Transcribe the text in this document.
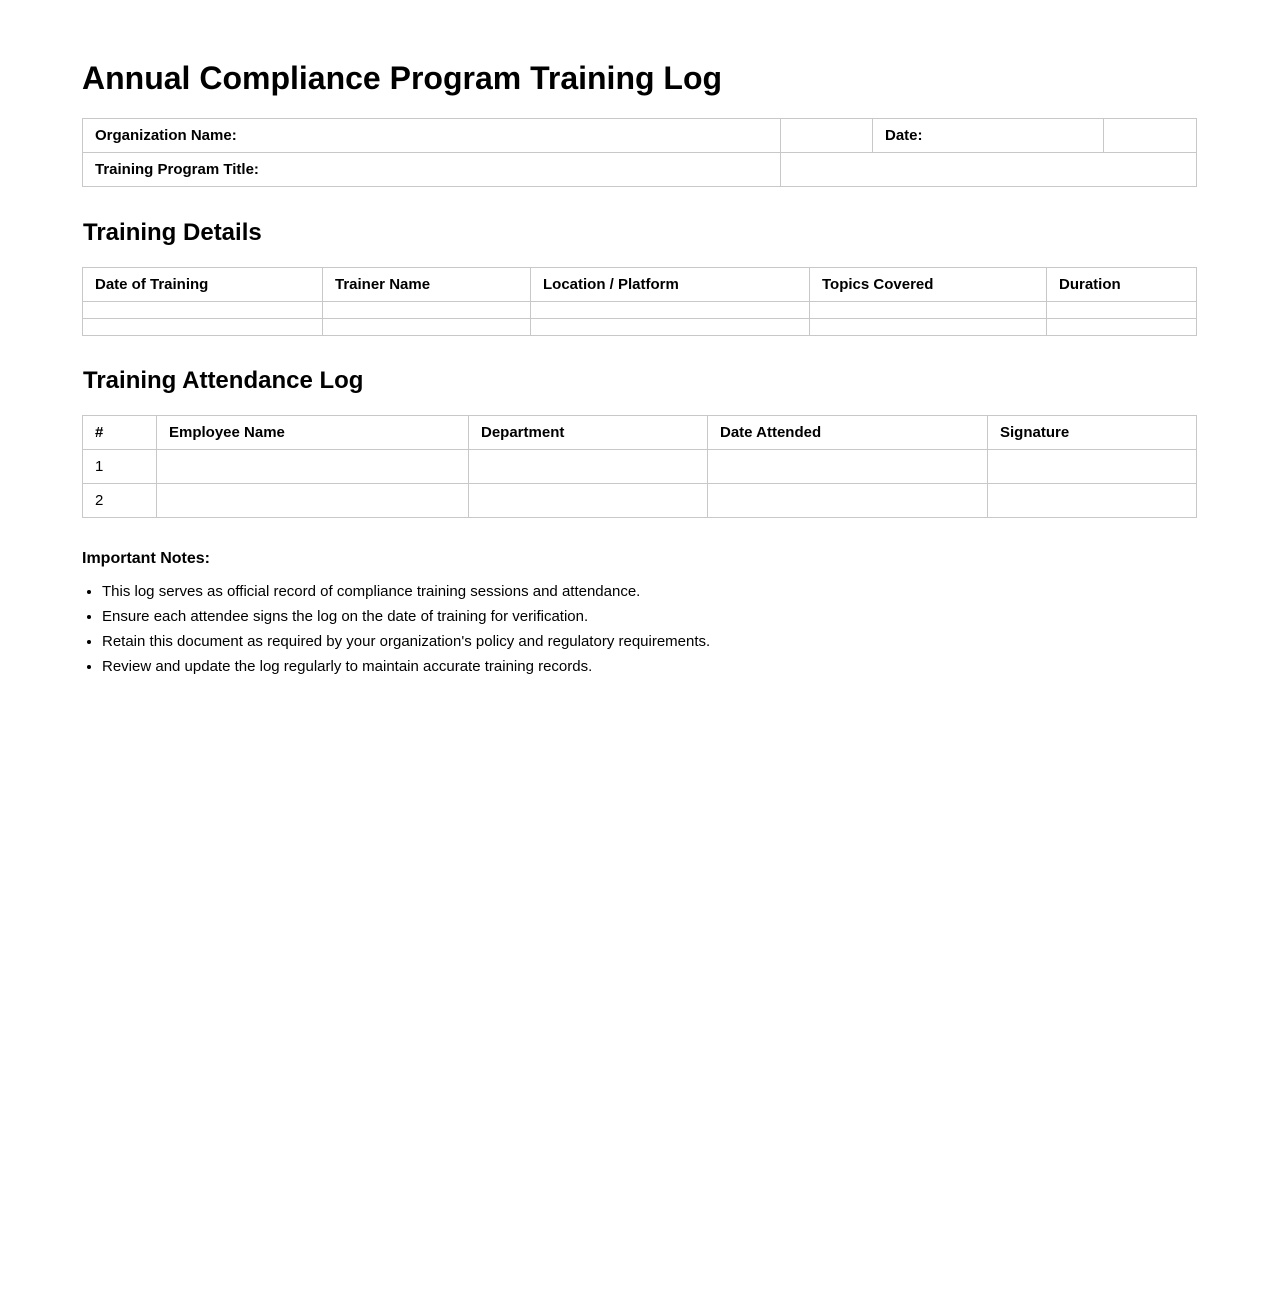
Annual Compliance Program Training Log
Organization Name:		Date:	
Training Program Title:			
Training Details
Date of Training	Trainer Name	Location / Platform	Topics Covered	Duration

Training Attendance Log
#	Employee Name	Department	Date Attended	Signature
1				
2				
Important Notes:
• This log serves as official record of compliance training sessions and attendance.
• Ensure each attendee signs the log on the date of training for verification.
• Retain this document as required by your organization's policy and regulatory requirements.
• Review and update the log regularly to maintain accurate training records.
